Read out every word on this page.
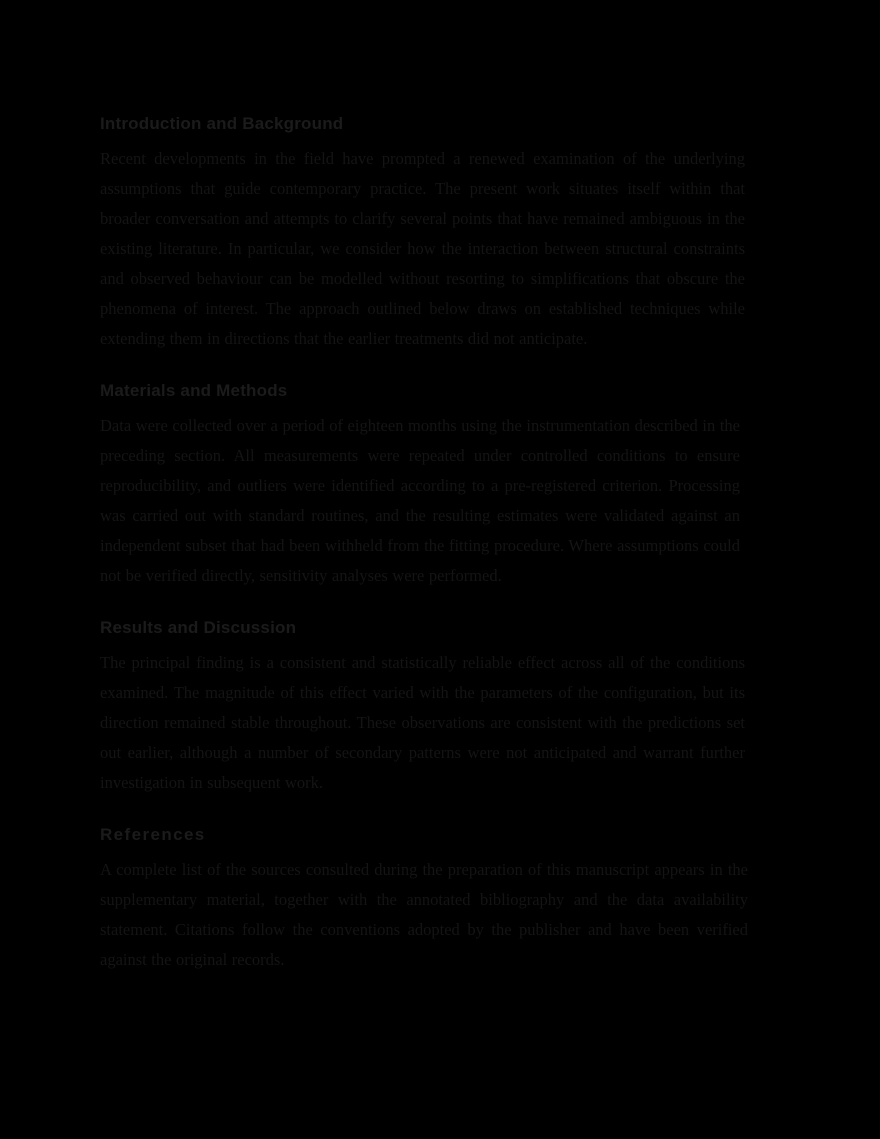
Introduction and Background

Recent developments in the field have prompted a renewed examination of the underlying assumptions that guide contemporary practice. The present work situates itself within that broader conversation and attempts to clarify several points that have remained ambiguous in the existing literature. In particular, we consider how the interaction between structural constraints and observed behaviour can be modelled without resorting to simplifications that obscure the phenomena of interest. The approach outlined below draws on established techniques while extending them in directions that the earlier treatments did not anticipate.

Materials and Methods

Data were collected over a period of eighteen months using the instrumentation described in the preceding section. All measurements were repeated under controlled conditions to ensure reproducibility, and outliers were identified according to a pre-registered criterion. Processing was carried out with standard routines, and the resulting estimates were validated against an independent subset that had been withheld from the fitting procedure. Where assumptions could not be verified directly, sensitivity analyses were performed.

Results and Discussion

The principal finding is a consistent and statistically reliable effect across all of the conditions examined. The magnitude of this effect varied with the parameters of the configuration, but its direction remained stable throughout. These observations are consistent with the predictions set out earlier, although a number of secondary patterns were not anticipated and warrant further investigation in subsequent work.

References

A complete list of the sources consulted during the preparation of this manuscript appears in the supplementary material, together with the annotated bibliography and the data availability statement. Citations follow the conventions adopted by the publisher and have been verified against the original records.
